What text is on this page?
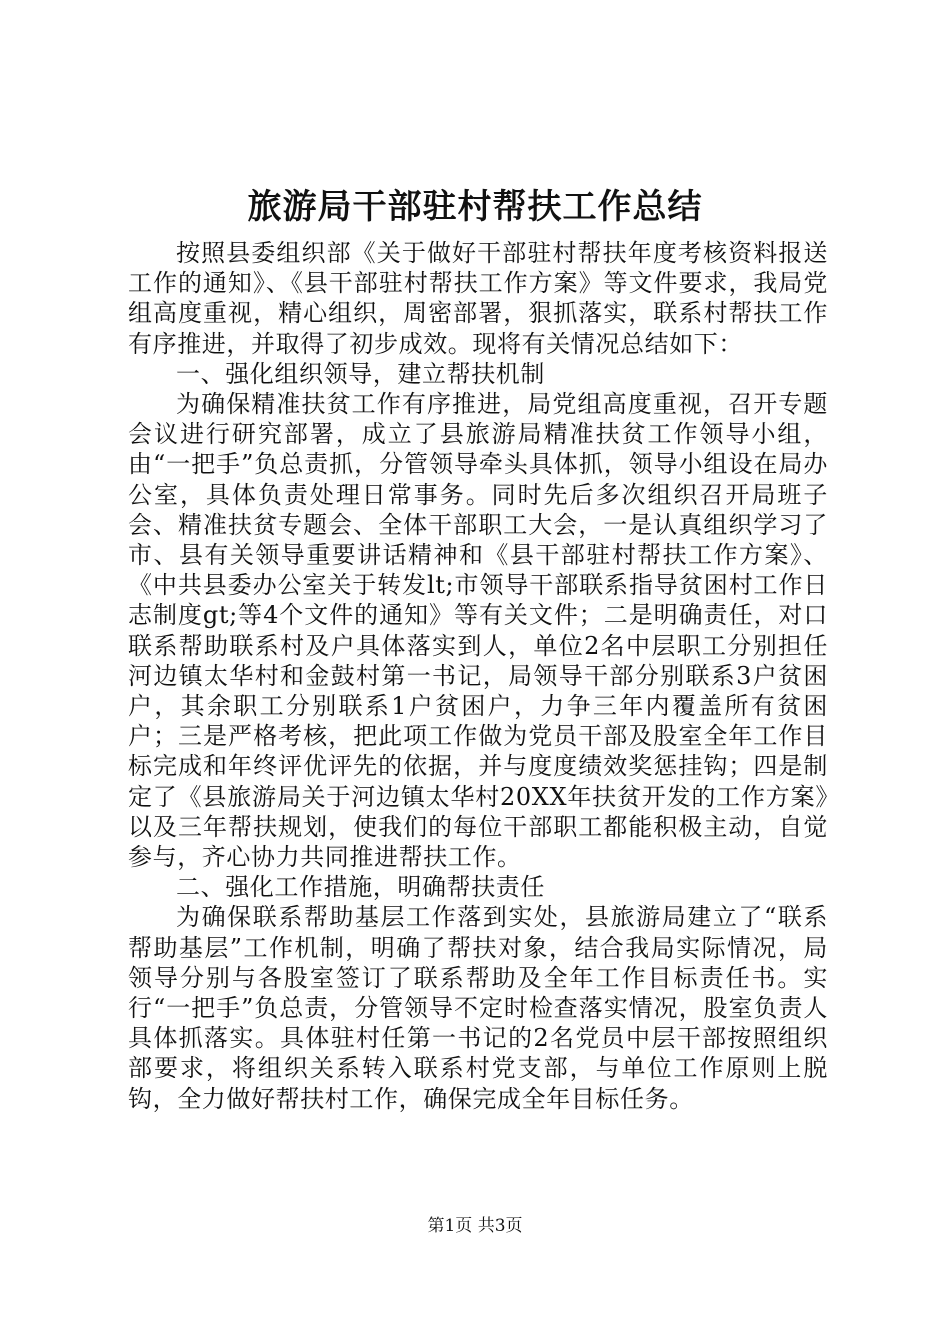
旅游局干部驻村帮扶工作总结

按照县委组织部《关于做好干部驻村帮扶年度考核资料报送工作的通知》、《县干部驻村帮扶工作方案》等文件要求，我局党组高度重视，精心组织，周密部署，狠抓落实，联系村帮扶工作有序推进，并取得了初步成效。现将有关情况总结如下：

一、强化组织领导，建立帮扶机制

为确保精准扶贫工作有序推进，局党组高度重视，召开专题会议进行研究部署，成立了县旅游局精准扶贫工作领导小组，由“一把手”负总责抓，分管领导牵头具体抓，领导小组设在局办公室，具体负责处理日常事务。同时先后多次组织召开局班子会、精准扶贫专题会、全体干部职工大会，一是认真组织学习了市、县有关领导重要讲话精神和《县干部驻村帮扶工作方案》、《中共县委办公室关于转发lt;市领导干部联系指导贫困村工作日志制度gt;等4个文件的通知》等有关文件；二是明确责任，对口联系帮助联系村及户具体落实到人，单位2名中层职工分别担任河边镇太华村和金鼓村第一书记，局领导干部分别联系3户贫困户，其余职工分别联系1户贫困户，力争三年内覆盖所有贫困户；三是严格考核，把此项工作做为党员干部及股室全年工作目标完成和年终评优评先的依据，并与度度绩效奖惩挂钩；四是制定了《县旅游局关于河边镇太华村20XX年扶贫开发的工作方案》以及三年帮扶规划，使我们的每位干部职工都能积极主动，自觉参与，齐心协力共同推进帮扶工作。

二、强化工作措施，明确帮扶责任

为确保联系帮助基层工作落到实处，县旅游局建立了“联系帮助基层”工作机制，明确了帮扶对象，结合我局实际情况，局领导分别与各股室签订了联系帮助及全年工作目标责任书。实行“一把手”负总责，分管领导不定时检查落实情况，股室负责人具体抓落实。具体驻村任第一书记的2名党员中层干部按照组织部要求，将组织关系转入联系村党支部，与单位工作原则上脱钩，全力做好帮扶村工作，确保完成全年目标任务。

第1页 共3页
